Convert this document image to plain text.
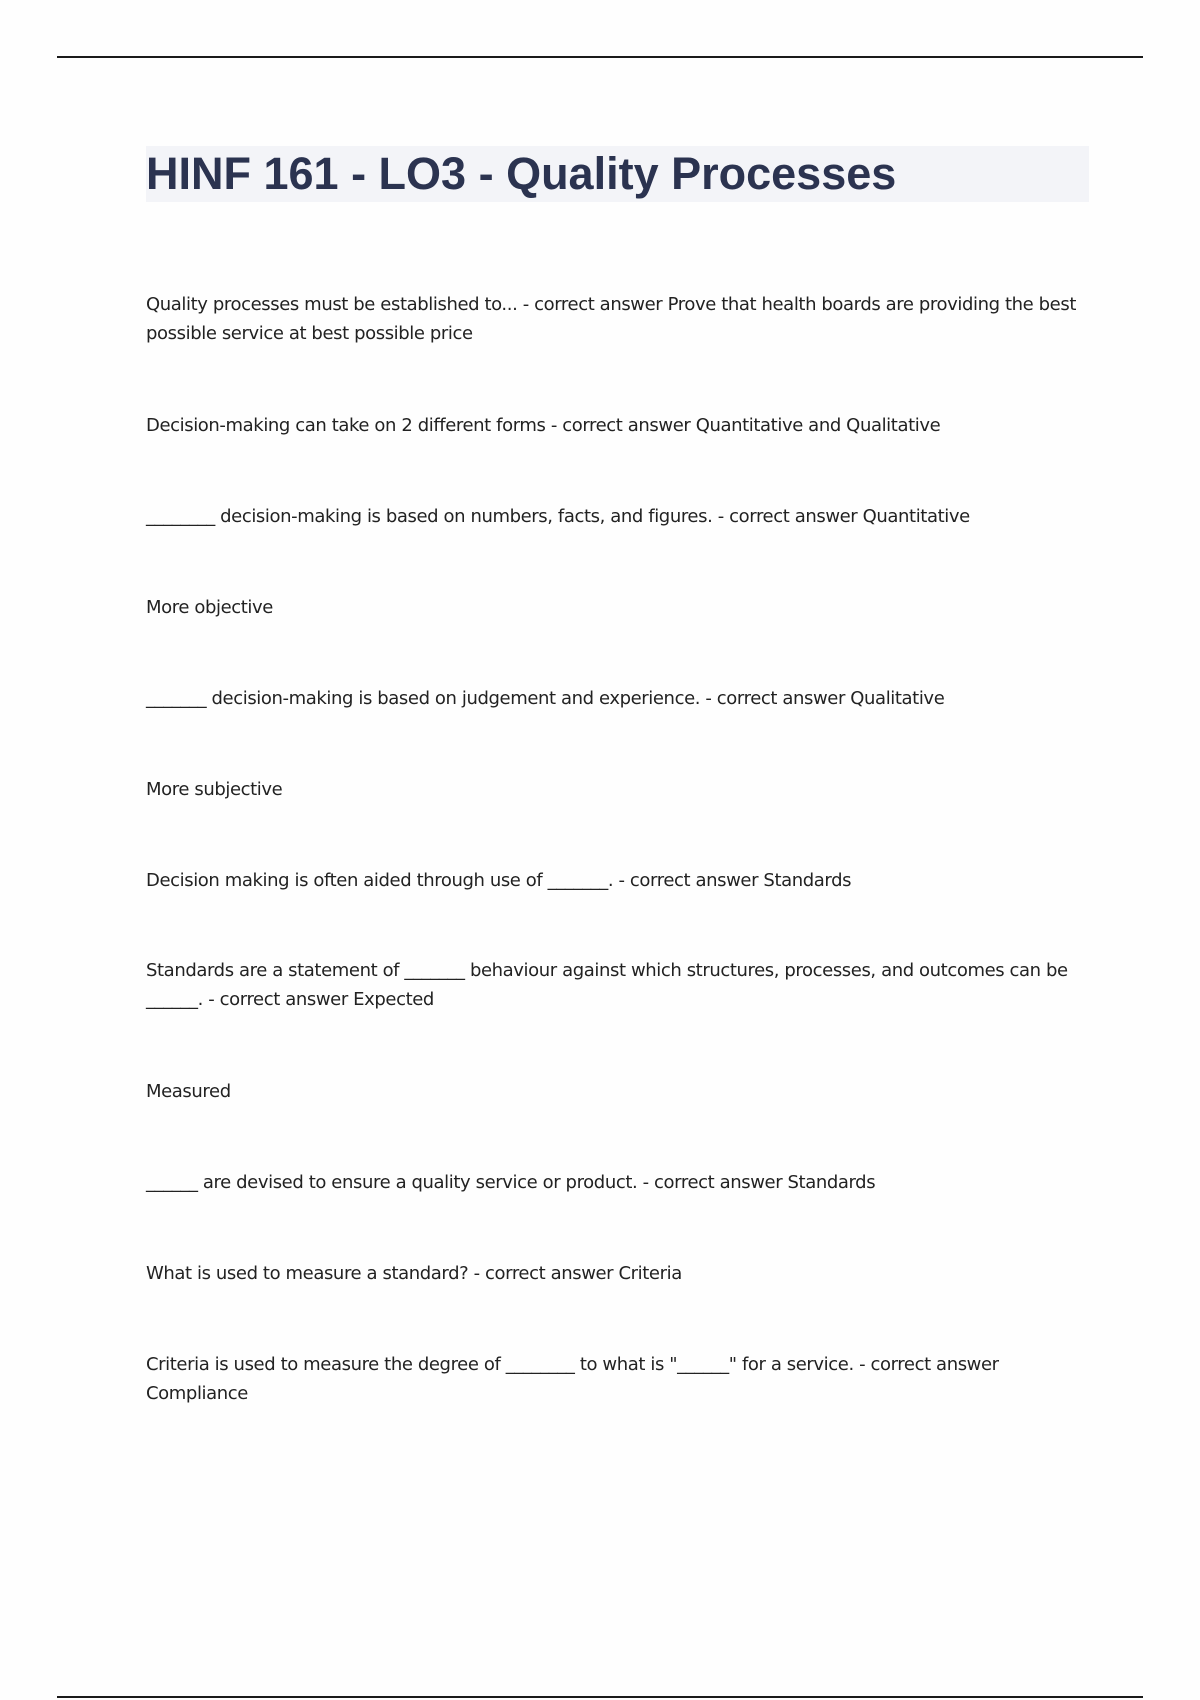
HINF 161 - LO3 - Quality Processes

Quality processes must be established to... - correct answer Prove that health boards are providing the best possible service at best possible price

Decision-making can take on 2 different forms - correct answer Quantitative and Qualitative

________ decision-making is based on numbers, facts, and figures. - correct answer Quantitative

More objective

_______ decision-making is based on judgement and experience. - correct answer Qualitative

More subjective

Decision making is often aided through use of _______. - correct answer Standards

Standards are a statement of _______ behaviour against which structures, processes, and outcomes can be ______. - correct answer Expected

Measured

______ are devised to ensure a quality service or product. - correct answer Standards

What is used to measure a standard? - correct answer Criteria

Criteria is used to measure the degree of ________ to what is "______" for a service. - correct answer Compliance
